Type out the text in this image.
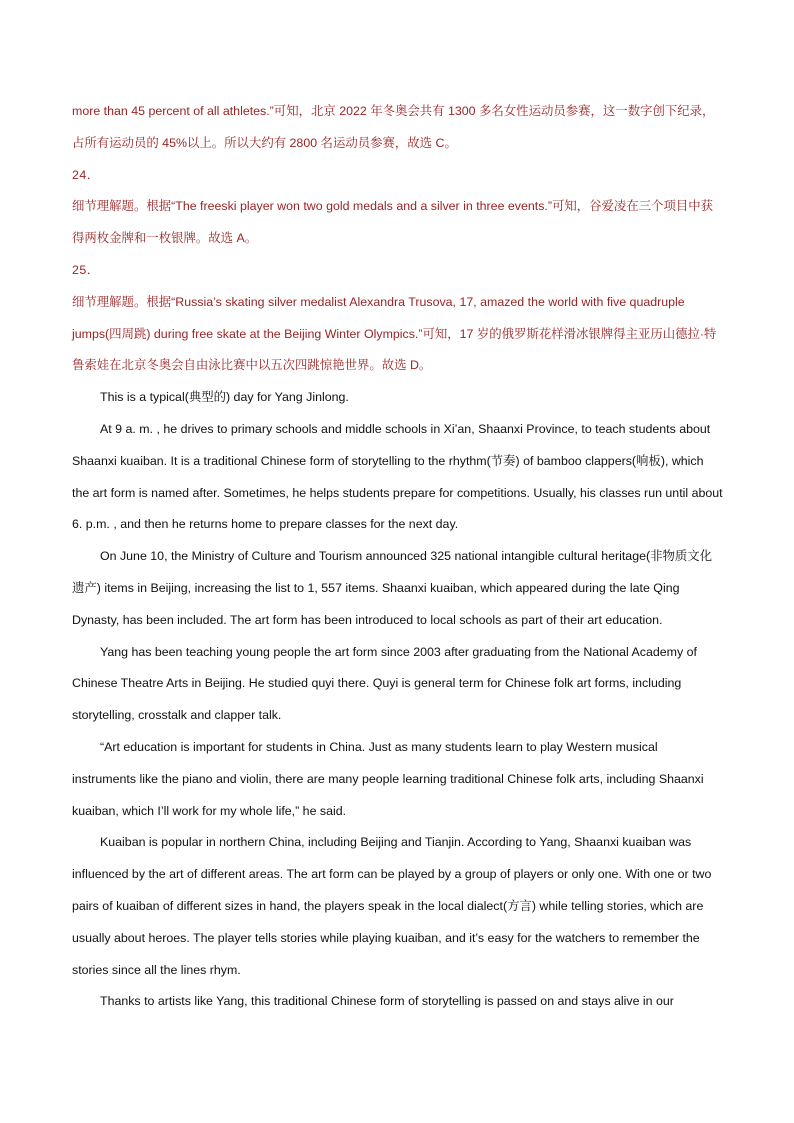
more than 45 percent of all athletes.”可知，北京 2022 年冬奥会共有 1300 多名女性运动员参赛，这一数字创下纪录，占所有运动员的 45%以上。所以大约有 2800 名运动员参赛，故选 C。

24．

细节理解题。根据“The freeski player won two gold medals and a silver in three events.”可知，谷爱凌在三个项目中获得两枚金牌和一枚银牌。故选 A。

25．

细节理解题。根据“Russia’s skating silver medalist Alexandra Trusova, 17, amazed the world with five quadruple jumps(四周跳) during free skate at the Beijing Winter Olympics.”可知，17 岁的俄罗斯花样滑冰银牌得主亚历山德拉·特鲁索娃在北京冬奥会自由泳比赛中以五次四跳惊艳世界。故选 D。

This is a typical(典型的) day for Yang Jinlong.

At 9 a. m. , he drives to primary schools and middle schools in Xi’an, Shaanxi Province, to teach students about Shaanxi kuaiban. It is a traditional Chinese form of storytelling to the rhythm(节奏) of bamboo clappers(响板), which the art form is named after. Sometimes, he helps students prepare for competitions. Usually, his classes run until about 6. p.m. , and then he returns home to prepare classes for the next day.

On June 10, the Ministry of Culture and Tourism announced 325 national intangible cultural heritage(非物质文化遗产) items in Beijing, increasing the list to 1, 557 items. Shaanxi kuaiban, which appeared during the late Qing Dynasty, has been included. The art form has been introduced to local schools as part of their art education.

Yang has been teaching young people the art form since 2003 after graduating from the National Academy of Chinese Theatre Arts in Beijing. He studied quyi there. Quyi is general term for Chinese folk art forms, including storytelling, crosstalk and clapper talk.

“Art education is important for students in China. Just as many students learn to play Western musical instruments like the piano and violin, there are many people learning traditional Chinese folk arts, including Shaanxi kuaiban, which I’ll work for my whole life,” he said.

Kuaiban is popular in northern China, including Beijing and Tianjin. According to Yang, Shaanxi kuaiban was influenced by the art of different areas. The art form can be played by a group of players or only one. With one or two pairs of kuaiban of different sizes in hand, the players speak in the local dialect(方言) while telling stories, which are usually about heroes. The player tells stories while playing kuaiban, and it’s easy for the watchers to remember the stories since all the lines rhym.

Thanks to artists like Yang, this traditional Chinese form of storytelling is passed on and stays alive in our
